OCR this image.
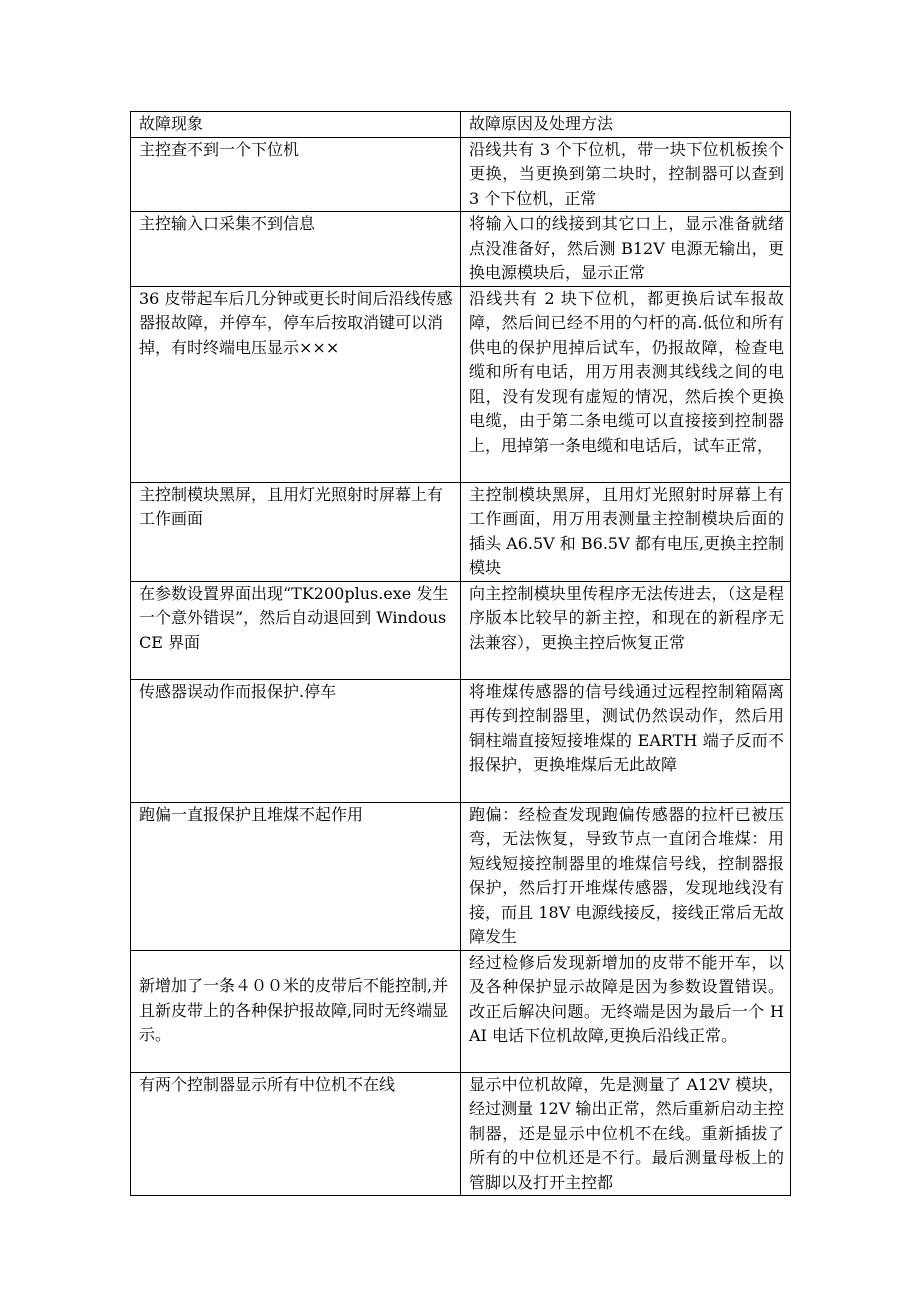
故障现象	故障原因及处理方法
主控查不到一个下位机	沿线共有 3 个下位机，带一块下位机板挨个更换，当更换到第二块时，控制器可以查到 3 个下位机，正常
主控输入口采集不到信息	将输入口的线接到其它口上，显示准备就绪点没准备好，然后测 B12V 电源无输出，更换电源模块后，显示正常
36 皮带起车后几分钟或更长时间后沿线传感器报故障，并停车，停车后按取消键可以消掉，有时终端电压显示×××	沿线共有 2 块下位机，都更换后试车报故障，然后间已经不用的勺杆的高.低位和所有供电的保护甩掉后试车，仍报故障，检查电缆和所有电话，用万用表测其线线之间的电阻，没有发现有虚短的情况，然后挨个更换电缆，由于第二条电缆可以直接接到控制器上，甩掉第一条电缆和电话后，试车正常，
主控制模块黑屏，且用灯光照射时屏幕上有工作画面	主控制模块黑屏，且用灯光照射时屏幕上有工作画面，用万用表测量主控制模块后面的插头 A6.5V 和 B6.5V 都有电压,更换主控制模块
在参数设置界面出现“TK200plus.exe 发生一个意外错误”，然后自动退回到 Windous CE 界面	向主控制模块里传程序无法传进去，（这是程序版本比较早的新主控，和现在的新程序无法兼容），更换主控后恢复正常
传感器误动作而报保护.停车	将堆煤传感器的信号线通过远程控制箱隔离再传到控制器里，测试仍然误动作，然后用铜柱端直接短接堆煤的 EARTH 端子反而不报保护，更换堆煤后无此故障
跑偏一直报保护且堆煤不起作用	跑偏：经检查发现跑偏传感器的拉杆已被压弯，无法恢复，导致节点一直闭合堆煤：用短线短接控制器里的堆煤信号线，控制器报保护，然后打开堆煤传感器，发现地线没有接，而且 18V 电源线接反，接线正常后无故障发生
新增加了一条４００米的皮带后不能控制,并且新皮带上的各种保护报故障,同时无终端显示。	经过检修后发现新增加的皮带不能开车，以及各种保护显示故障是因为参数设置错误。改正后解决问题。无终端是因为最后一个 HAI 电话下位机故障,更换后沿线正常。
有两个控制器显示所有中位机不在线	显示中位机故障，先是测量了 A12V 模块，经过测量 12V 输出正常，然后重新启动主控制器，还是显示中位机不在线。重新插拔了所有的中位机还是不行。最后测量母板上的管脚以及打开主控都
